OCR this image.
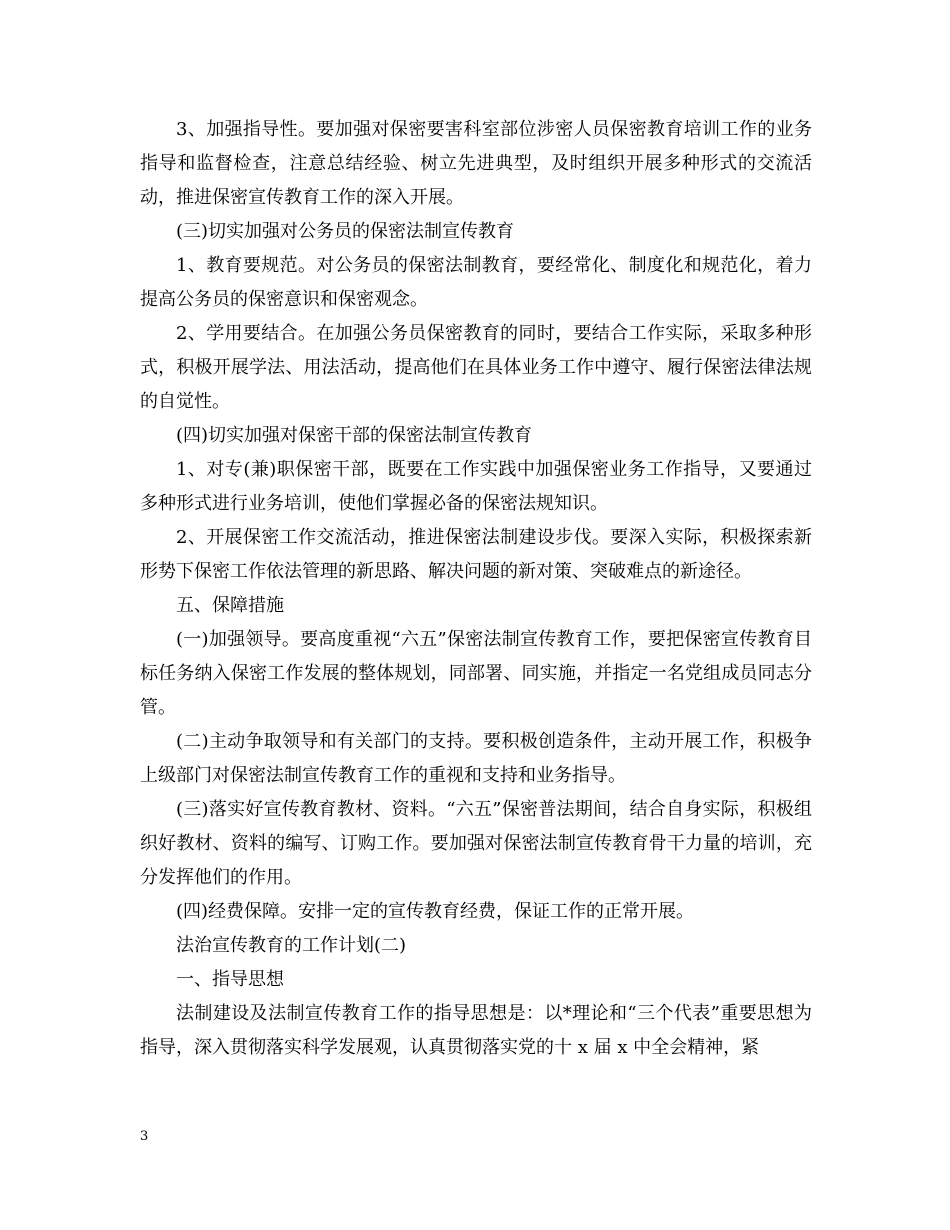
3、加强指导性。要加强对保密要害科室部位涉密人员保密教育培训工作的业务指导和监督检查，注意总结经验、树立先进典型，及时组织开展多种形式的交流活动，推进保密宣传教育工作的深入开展。

(三)切实加强对公务员的保密法制宣传教育

1、教育要规范。对公务员的保密法制教育，要经常化、制度化和规范化，着力提高公务员的保密意识和保密观念。

2、学用要结合。在加强公务员保密教育的同时，要结合工作实际，采取多种形式，积极开展学法、用法活动，提高他们在具体业务工作中遵守、履行保密法律法规的自觉性。

(四)切实加强对保密干部的保密法制宣传教育

1、对专(兼)职保密干部，既要在工作实践中加强保密业务工作指导，又要通过多种形式进行业务培训，使他们掌握必备的保密法规知识。

2、开展保密工作交流活动，推进保密法制建设步伐。要深入实际，积极探索新形势下保密工作依法管理的新思路、解决问题的新对策、突破难点的新途径。

五、保障措施

(一)加强领导。要高度重视“六五”保密法制宣传教育工作，要把保密宣传教育目标任务纳入保密工作发展的整体规划，同部署、同实施，并指定一名党组成员同志分管。

(二)主动争取领导和有关部门的支持。要积极创造条件，主动开展工作，积极争上级部门对保密法制宣传教育工作的重视和支持和业务指导。

(三)落实好宣传教育教材、资料。“六五”保密普法期间，结合自身实际，积极组织好教材、资料的编写、订购工作。要加强对保密法制宣传教育骨干力量的培训，充分发挥他们的作用。

(四)经费保障。安排一定的宣传教育经费，保证工作的正常开展。

法治宣传教育的工作计划(二)

一、指导思想

法制建设及法制宣传教育工作的指导思想是：以*理论和“三个代表”重要思想为指导，深入贯彻落实科学发展观，认真贯彻落实党的十 x 届 x 中全会精神，紧

3
